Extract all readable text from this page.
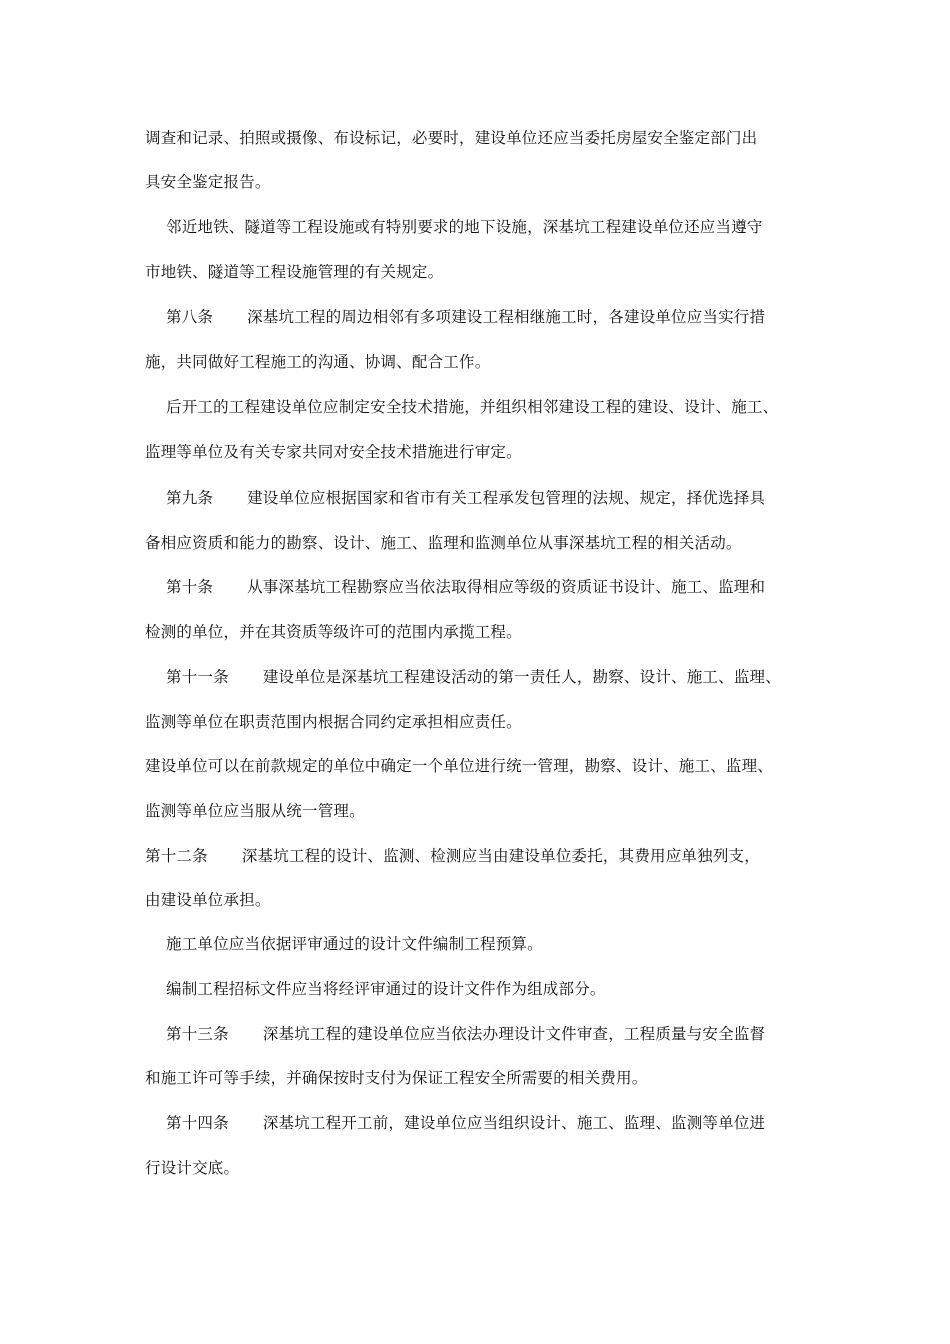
调查和记录、拍照或摄像、布设标记，必要时，建设单位还应当委托房屋安全鉴定部门出
具安全鉴定报告。
邻近地铁、隧道等工程设施或有特别要求的地下设施，深基坑工程建设单位还应当遵守
市地铁、隧道等工程设施管理的有关规定。
第八条 深基坑工程的周边相邻有多项建设工程相继施工时，各建设单位应当实行措
施，共同做好工程施工的沟通、协调、配合工作。
后开工的工程建设单位应制定安全技术措施，并组织相邻建设工程的建设、设计、施工、
监理等单位及有关专家共同对安全技术措施进行审定。
第九条 建设单位应根据国家和省市有关工程承发包管理的法规、规定，择优选择具
备相应资质和能力的勘察、设计、施工、监理和监测单位从事深基坑工程的相关活动。
第十条 从事深基坑工程勘察应当依法取得相应等级的资质证书设计、施工、监理和
检测的单位，并在其资质等级许可的范围内承揽工程。
第十一条 建设单位是深基坑工程建设活动的第一责任人，勘察、设计、施工、监理、
监测等单位在职责范围内根据合同约定承担相应责任。
建设单位可以在前款规定的单位中确定一个单位进行统一管理，勘察、设计、施工、监理、
监测等单位应当服从统一管理。
第十二条 深基坑工程的设计、监测、检测应当由建设单位委托，其费用应单独列支，
由建设单位承担。
施工单位应当依据评审通过的设计文件编制工程预算。
编制工程招标文件应当将经评审通过的设计文件作为组成部分。
第十三条 深基坑工程的建设单位应当依法办理设计文件审查，工程质量与安全监督
和施工许可等手续，并确保按时支付为保证工程安全所需要的相关费用。
第十四条 深基坑工程开工前，建设单位应当组织设计、施工、监理、监测等单位进
行设计交底。
